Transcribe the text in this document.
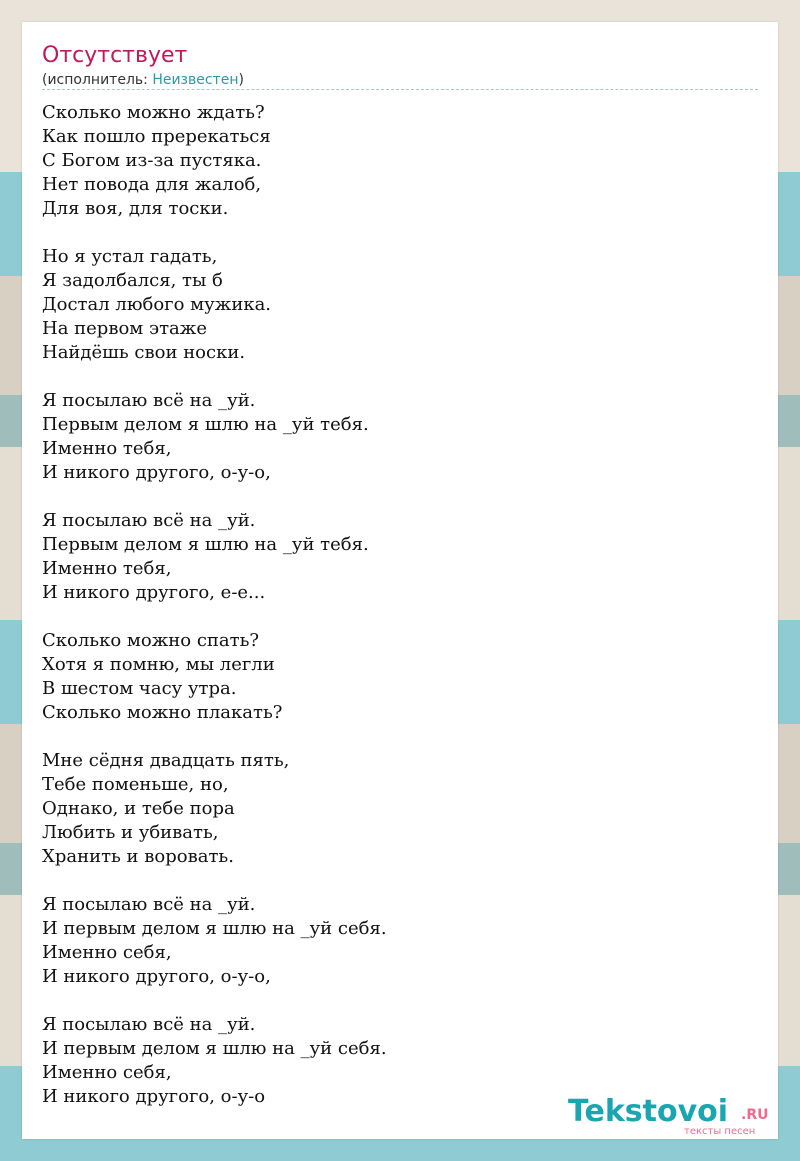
Отсутствует
(исполнитель: Неизвестен)
Сколько можно ждать?
Как пошло пререкаться
С Богом из-за пустяка.
Нет повода для жалоб,
Для воя, для тоски.
Но я устал гадать,
Я задолбался, ты б
Достал любого мужика.
На первом этаже
Найдёшь свои носки.
Я посылаю всё на _уй.
Первым делом я шлю на _уй тебя.
Именно тебя,
И никого другого, о-у-о,
Я посылаю всё на _уй.
Первым делом я шлю на _уй тебя.
Именно тебя,
И никого другого, е-е...
Сколько можно спать?
Хотя я помню, мы легли
В шестом часу утра.
Сколько можно плакать?
Мне сёдня двадцать пять,
Тебе поменьше, но,
Однако, и тебе пора
Любить и убивать,
Хранить и воровать.
Я посылаю всё на _уй.
И первым делом я шлю на _уй себя.
Именно себя,
И никого другого, о-у-о,
Я посылаю всё на _уй.
И первым делом я шлю на _уй себя.
Именно себя,
И никого другого, о-у-о	Tekstovoi .RU
тексты песен
